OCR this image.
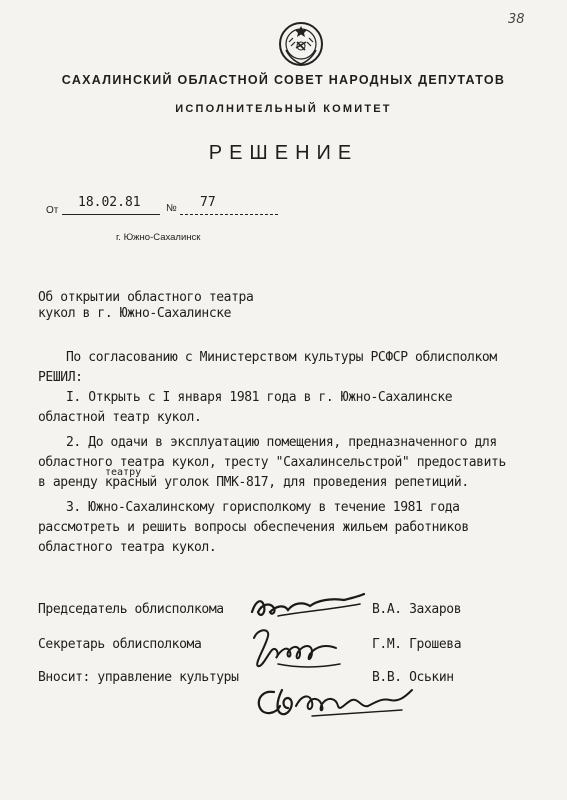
38
САХАЛИНСКИЙ ОБЛАСТНОЙ СОВЕТ НАРОДНЫХ ДЕПУТАТОВ
ИСПОЛНИТЕЛЬНЫЙ КОМИТЕТ
РЕШЕНИЕ
От
18.02.81	№ 77
г. Южно-Сахалинск
Об открытии областного театра
кукол в г. Южно-Сахалинске
По согласованию с Министерством культуры РСФСР облисполком
РЕШИЛ:
I. Открыть с I января 1981 года в г. Южно-Сахалинске
областной театр кукол.
2. До одачи в эксплуатацию помещения, предназначенного для
областного театра кукол, тресту "Сахалинсельстрой" предоставить
театру
в аренду красный уголок ПМК-817, для проведения репетиций.
3. Южно-Сахалинскому горисполкому в течение 1981 года
рассмотреть и решить вопросы обеспечения жильем работников
областного театра кукол.
Председатель облисполкома	В.А. Захаров
Секретарь облисполкома	Г.М. Грошева
Вносит: управление культуры	В.В. Оськин
